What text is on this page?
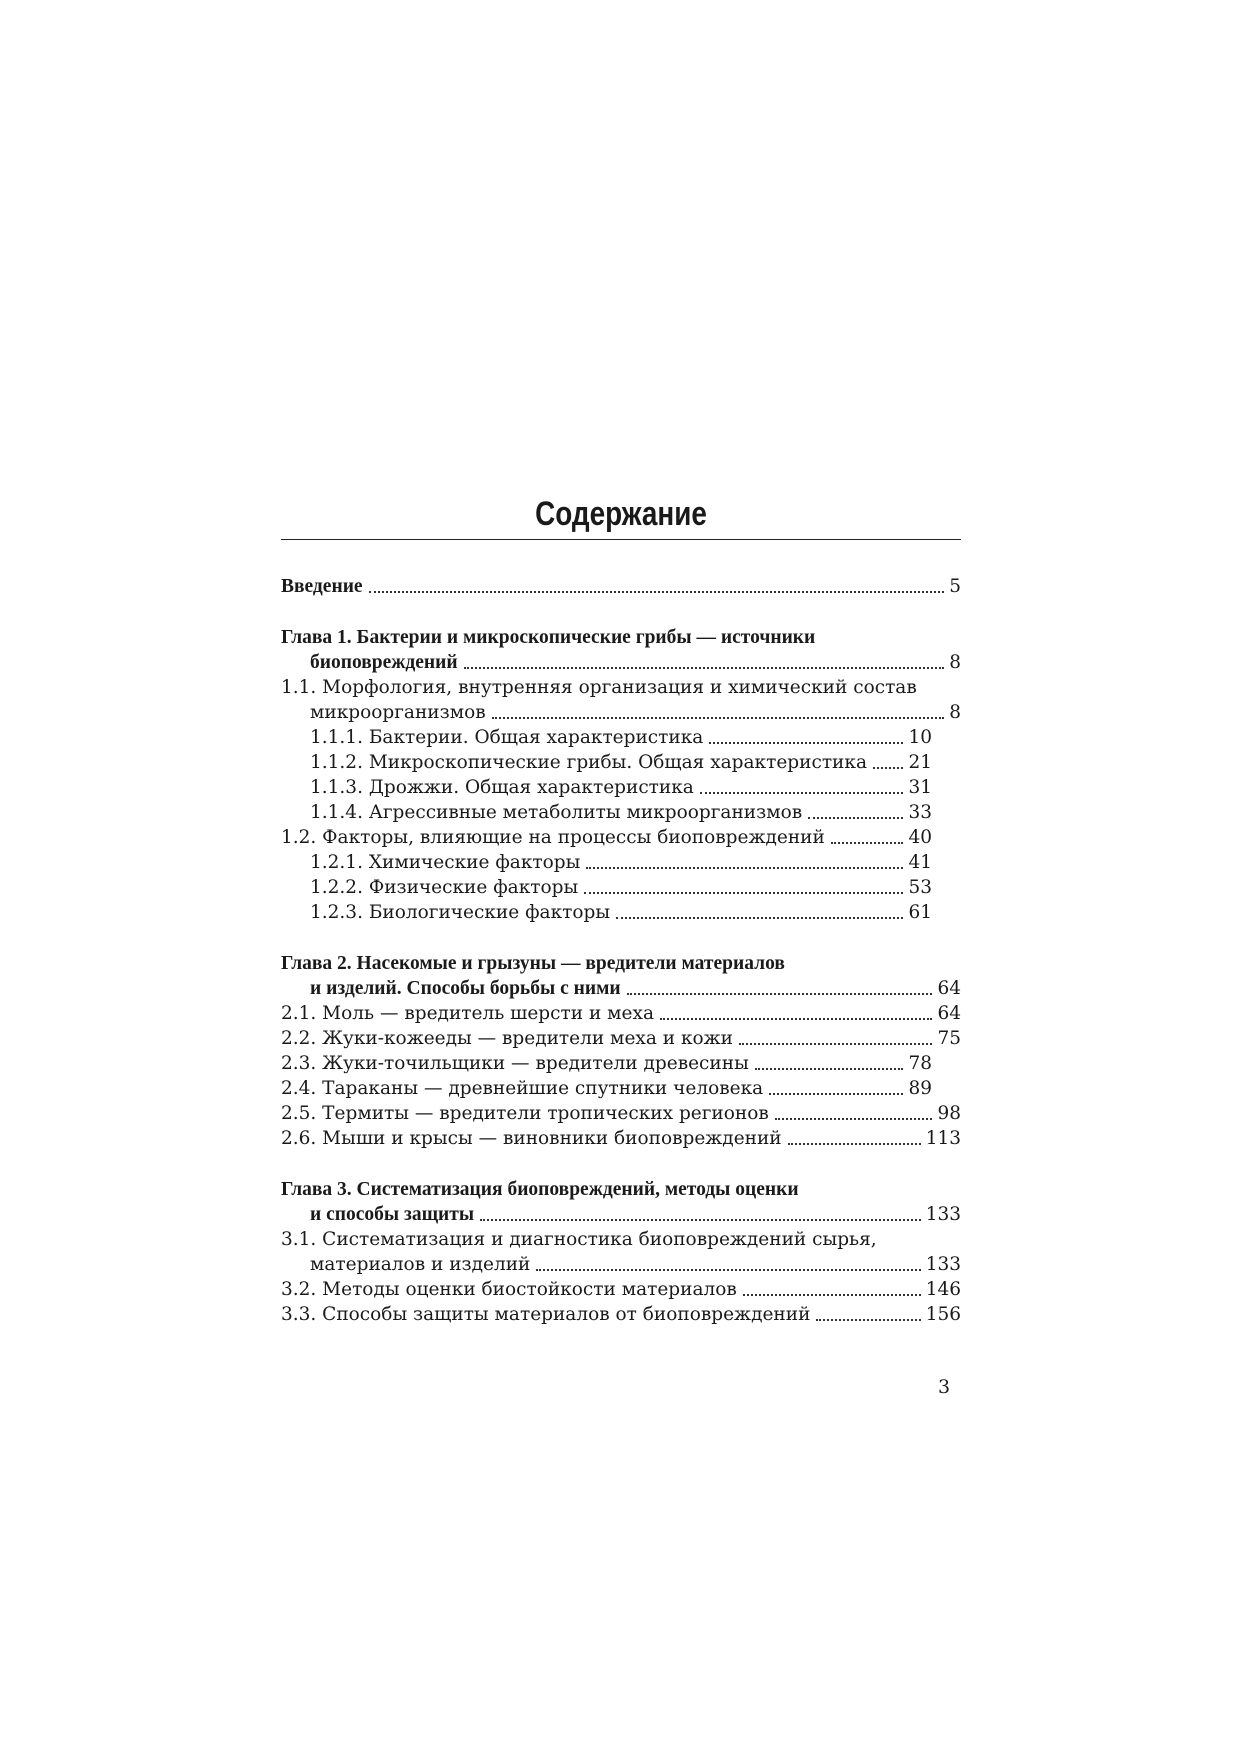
Содержание
Введение	5
Глава 1. Бактерии и микроскопические грибы — источники
биоповреждений	8
1.1. Морфология, внутренняя организация и химический состав
микроорганизмов	8
1.1.1. Бактерии. Общая характеристика	10
1.1.2. Микроскопические грибы. Общая характеристика 21
1.1.3. Дрожжи. Общая характеристика	31
1.1.4. Агрессивные метаболиты микроорганизмов	33
1.2. Факторы, влияющие на процессы биоповреждений	40
1.2.1. Химические факторы	41
1.2.2. Физические факторы	53
1.2.3. Биологические факторы	61
Глава 2. Насекомые и грызуны — вредители материалов
и изделий. Способы борьбы с ними	64
2.1. Моль — вредитель шерсти и меха	64
2.2. Жуки-кожееды — вредители меха и кожи	75
2.3. Жуки-точильщики — вредители древесины	78
2.4. Тараканы — древнейшие спутники человека	89
2.5. Термиты — вредители тропических регионов	98
2.6. Мыши и крысы — виновники биоповреждений	113
Глава 3. Систематизация биоповреждений, методы оценки
и способы защиты	133
3.1. Систематизация и диагностика биоповреждений сырья,
материалов и изделий	133
3.2. Методы оценки биостойкости материалов	146
3.3. Способы защиты материалов от биоповреждений	156
3
